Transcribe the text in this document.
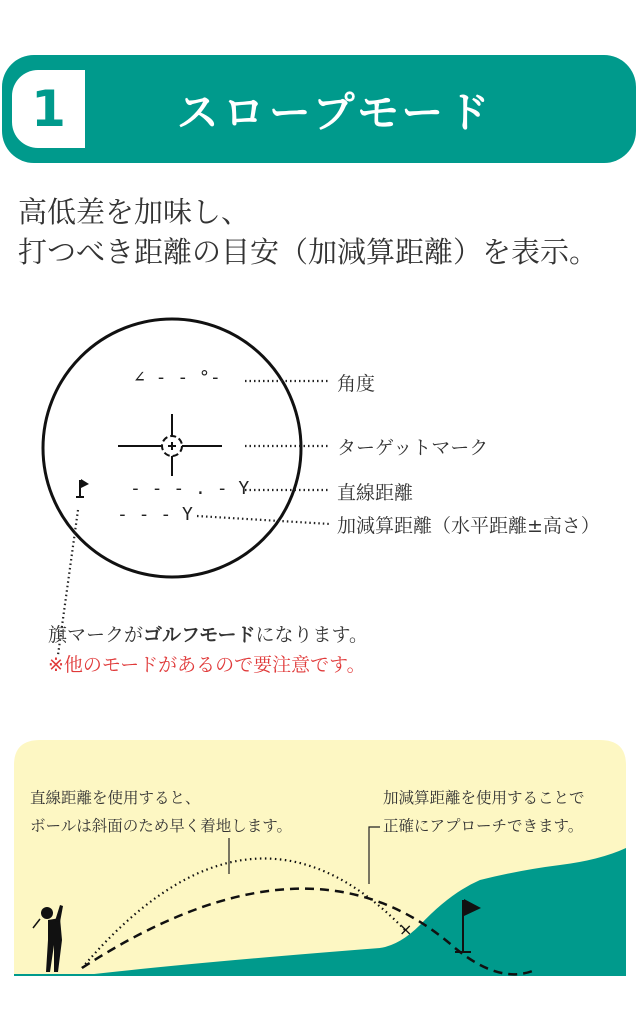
1	スロープモード
高低差を加味し、
打つべき距離の目安（加減算距離）を表示。
∠ - - °-
- - - . - Y
- - - Y
角度
ターゲットマーク
直線距離
加減算距離（水平距離±高さ）
旗マークがゴルフモードになります。
※他のモードがあるので要注意です。
直線距離を使用すると、
ボールは斜面のため早く着地します。
加減算距離を使用することで
正確にアプローチできます。
×
